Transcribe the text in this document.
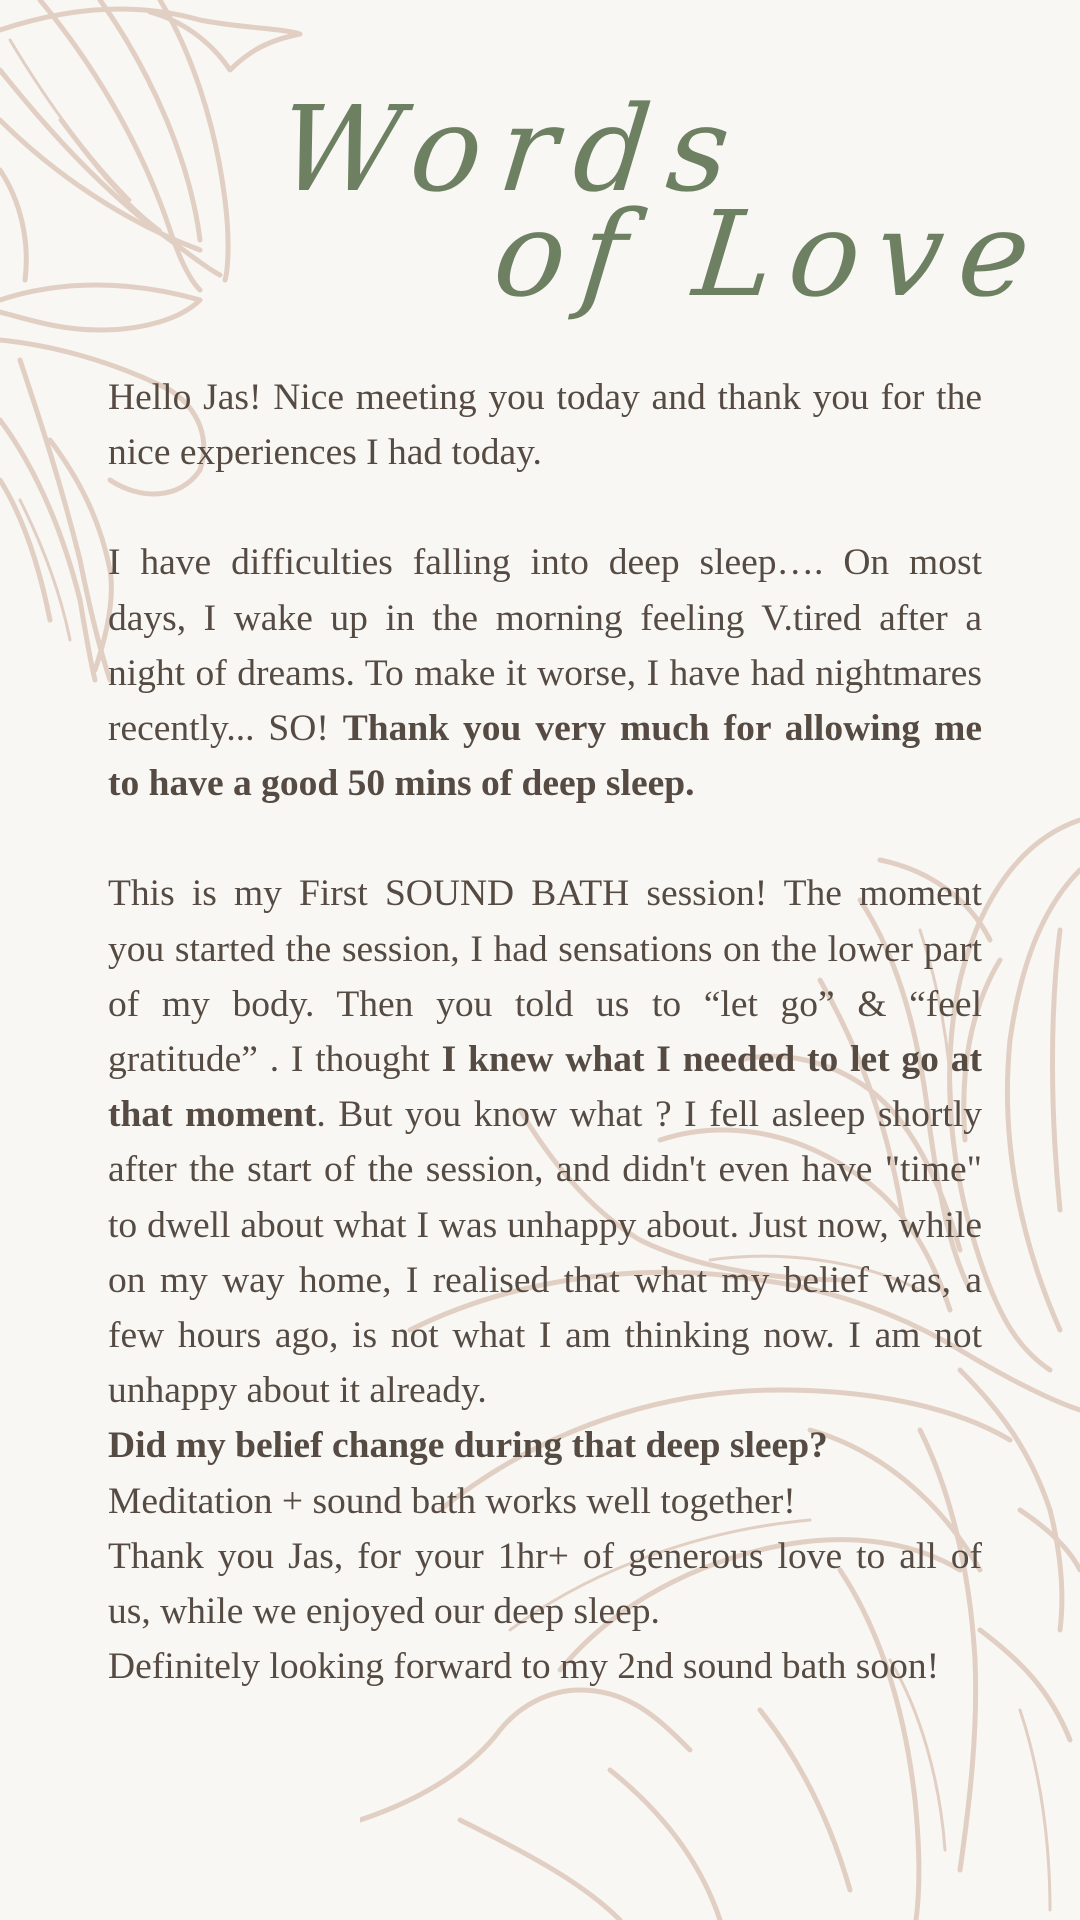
Words
of Love

Hello Jas! Nice meeting you today and thank you for the nice experiences I had today.

I have difficulties falling into deep sleep…. On most days, I wake up in the morning feeling V.tired after a night of dreams. To make it worse, I have had nightmares recently... SO! Thank you very much for allowing me to have a good 50 mins of deep sleep.

This is my First SOUND BATH session! The moment you started the session, I had sensations on the lower part of my body. Then you told us to “let go” & “feel gratitude” . I thought I knew what I needed to let go at that moment. But you know what ? I fell asleep shortly after the start of the session, and didn't even have "time" to dwell about what I was unhappy about. Just now, while on my way home, I realised that what my belief was, a few hours ago, is not what I am thinking now. I am not unhappy about it already.

Did my belief change during that deep sleep?

Meditation + sound bath works well together!

Thank you Jas, for your 1hr+ of generous love to all of us, while we enjoyed our deep sleep.

Definitely looking forward to my 2nd sound bath soon!
